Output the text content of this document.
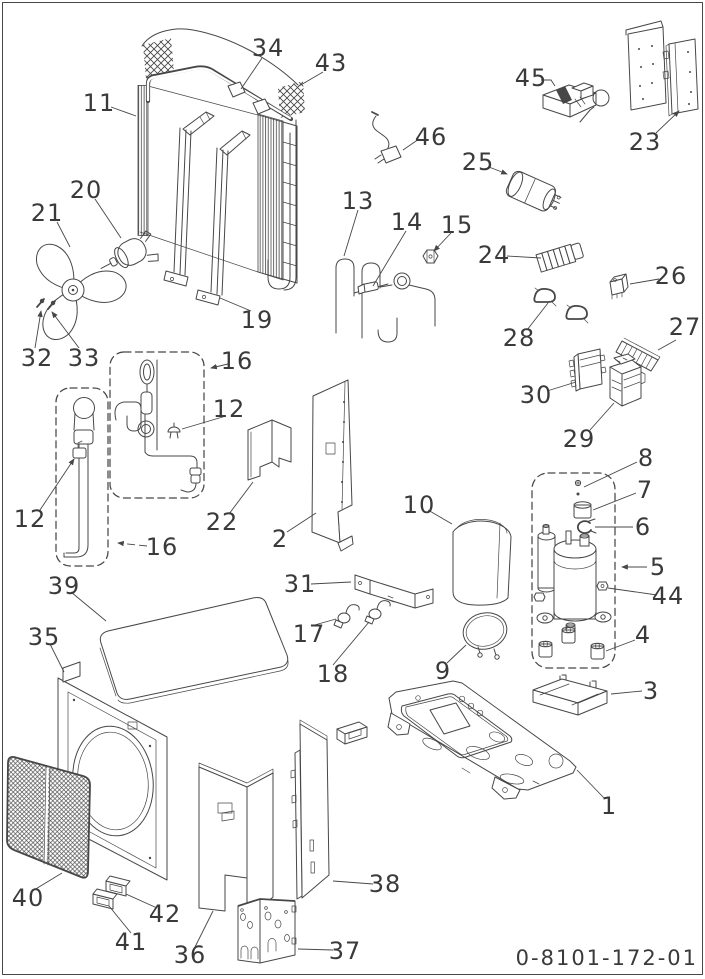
1
2
3
4
5
6
7
8
9
10
11
12
12
13
14 15
16
16
17
18
19
20
21
22
23
24
25
26
27
28
29
30
31
32 33
34
35
36	37
38
39
40
41
42
43
44
45
46
0-8101-172-01
